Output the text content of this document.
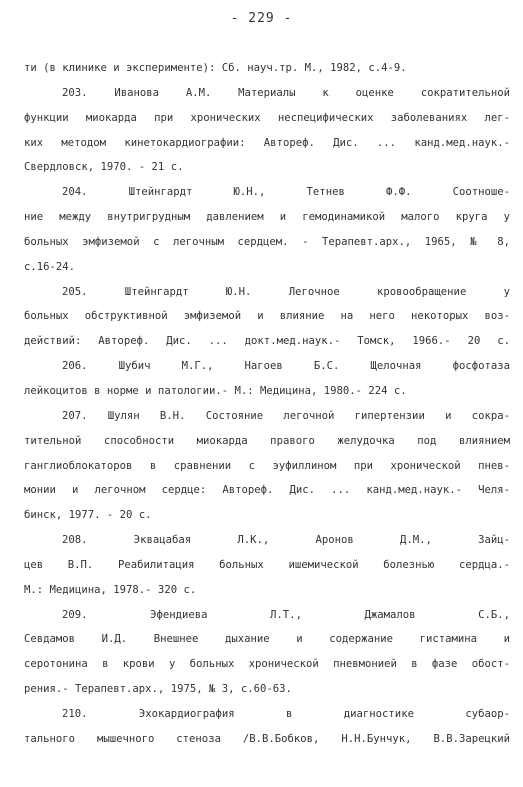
- 229 -
ти (в клинике и эксперименте): Сб. науч.тр. М., 1982, с.4-9.
203. Иванова А.М. Материалы к оценке сократительной
функции миокарда при хронических неспецифических заболеваниях лег-
ких методом кинетокардиографии: Автореф. Дис. ... канд.мед.наук.-
Свердловск, 1970. - 21 с.
204. Штейнгардт Ю.Н., Тетнев Ф.Ф. Соотноше-
ние между внутригрудным давлением и гемодинамикой малого круга у
больных эмфиземой с легочным сердцем. - Терапевт.арх., 1965, № 8,
с.16-24.
205. Штейнгардт Ю.Н. Легочное кровообращение у
больных обструктивной эмфиземой и влияние на него некоторых воз-
действий: Автореф. Дис. ... докт.мед.наук.- Томск, 1966.- 20 с.
206. Шубич М.Г., Нагоев Б.С. Щелочная фосфотаза
лейкоцитов в норме и патологии.- М.: Медицина, 1980.- 224 с.
207. Шулян В.Н. Состояние легочной гипертензии и сокра-
тительной способности миокарда правого желудочка под влиянием
ганглиоблокаторов в сравнении с эуфиллином при хронической пнев-
монии и легочном сердце: Автореф. Дис. ... канд.мед.наук.- Челя-
бинск, 1977. - 20 с.
208. Эквацабая Л.К., Аронов Д.М., Зайц-
цев В.П. Реабилитация больных ишемической болезнью сердца.-
М.: Медицина, 1978.- 320 с.
209. Эфендиева Л.Т., Джамалов С.Б.,
Севдамов И.Д. Внешнее дыхание и содержание гистамина и
серотонина в крови у больных хронической пневмонией в фазе обост-
рения.- Терапевт.арх., 1975, № 3, с.60-63.
210. Эхокардиография в диагностике субаор-
тального мышечного стеноза /В.В.Бобков, Н.Н.Бунчук, В.В.Зарецкий
